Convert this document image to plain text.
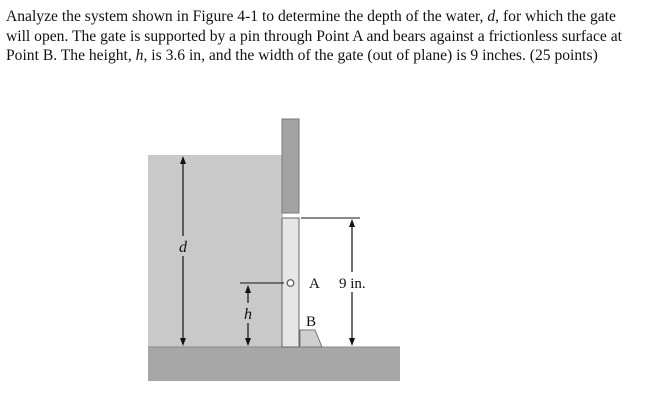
Analyze the system shown in Figure 4-1 to determine the depth of the water, d, for which the gate will open. The gate is supported by a pin through Point A and bears against a frictionless surface at Point B. The height, h, is 3.6 in, and the width of the gate (out of plane) is 9 inches. (25 points)

d
h
9 in.
A
B
